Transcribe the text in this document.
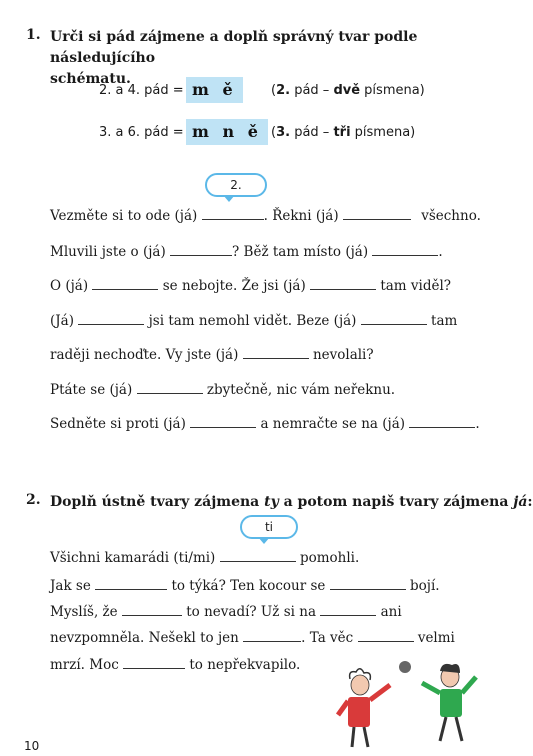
1. Urči si pád zájmene a doplň správný tvar podle následujícího
schématu.
2. a 4. pád = m ě	(2. pád – dvě písmena)
3. a 6. pád = m n ě (3. pád – tři písmena)
2.
Vezměte si to ode (já)	. Řekni (já)	všechno.
Mluvili jste o (já)	? Běž tam místo (já)	.
O (já)	se nebojte. Že jsi (já)	tam viděl?
(Já)	jsi tam nemohl vidět. Beze (já)	tam
raději nechoďte. Vy jste (já)	nevolali?
Ptáte se (já)	zbytečně, nic vám neřeknu.
Sedněte si proti (já)	a nemračte se na (já)	.
2. Doplň ústně tvary zájmena ty a potom napiš tvary zájmena já:
ti
Všichni kamarádi (ti/mi)	pomohli.
Jak se	to týká? Ten kocour se	bojí.
Myslíš, že	to nevadí? Už si na	ani
nevzpomněla. Nešekl to jen	. Ta věc	velmi
mrzí. Moc	to nepřekvapilo.
10
